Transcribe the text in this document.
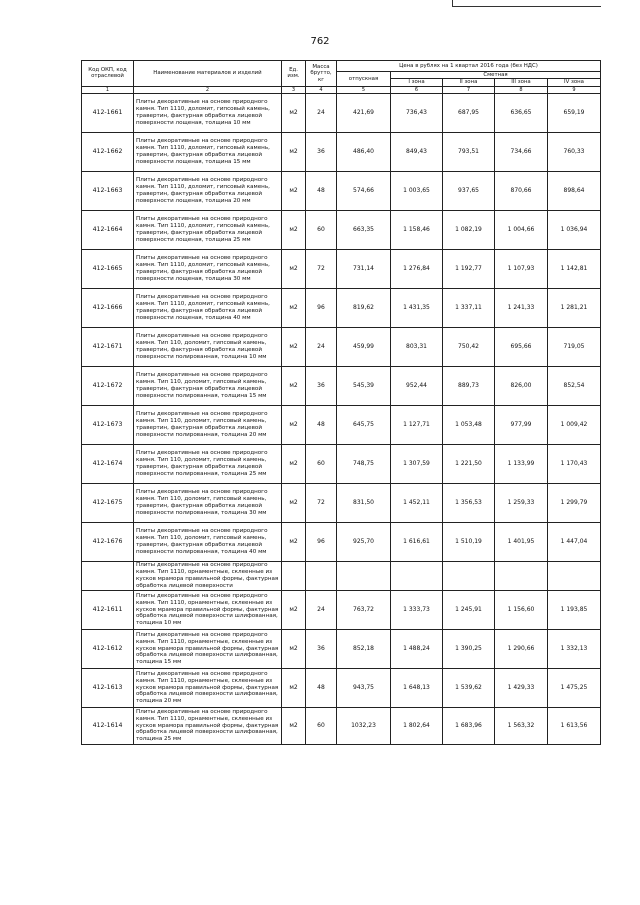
762
Код ОКП, код отраслевой	Наименование материалов и изделий	Ед. изм.	Масса брутто, кг	Цена в рублях на 1 квартал 2016 года (без НДС)				
				отпускная	Сметная			
					I зона	II зона	III зона	IV зона

1	2	3	4	5	6	7	8	9
412-1661	Плиты декоративные на основе природного камня. Тип 1110, доломит, гипсовый камень, травертин, фактурная обработка лицевой поверхности лощеная, толщина 10 мм	м2	24	421,69	736,43	687,95	636,65	659,19
412-1662	Плиты декоративные на основе природного камня. Тип 1110, доломит, гипсовый камень, травертин, фактурная обработка лицевой поверхности лощеная, толщина 15 мм	м2	36	486,40	849,43	793,51	734,66	760,33
412-1663	Плиты декоративные на основе природного камня. Тип 1110, доломит, гипсовый камень, травертин, фактурная обработка лицевой поверхности лощеная, толщина 20 мм	м2	48	574,66	1 003,65	937,65	870,66	898,64
412-1664	Плиты декоративные на основе природного камня. Тип 1110, доломит, гипсовый камень, травертин, фактурная обработка лицевой поверхности лощеная, толщина 25 мм	м2	60	663,35	1 158,46	1 082,19	1 004,66	1 036,94
412-1665	Плиты декоративные на основе природного камня. Тип 1110, доломит, гипсовый камень, травертин, фактурная обработка лицевой поверхности лощеная, толщина 30 мм	м2	72	731,14	1 276,84	1 192,77	1 107,93	1 142,81
412-1666	Плиты декоративные на основе природного камня. Тип 1110, доломит, гипсовый камень, травертин, фактурная обработка лицевой поверхности лощеная, толщина 40 мм	м2	96	819,62	1 431,35	1 337,11	1 241,33	1 281,21
412-1671	Плиты декоративные на основе природного камня. Тип 110, доломит, гипсовый камень, травертин, фактурная обработка лицевой поверхности полированная, толщина 10 мм	м2	24	459,99	803,31	750,42	695,66	719,05
412-1672	Плиты декоративные на основе природного камня. Тип 110, доломит, гипсовый камень, травертин, фактурная обработка лицевой поверхности полированная, толщина 15 мм	м2	36	545,39	952,44	889,73	826,00	852,54
412-1673	Плиты декоративные на основе природного камня. Тип 110, доломит, гипсовый камень, травертин, фактурная обработка лицевой поверхности полированная, толщина 20 мм	м2	48	645,75	1 127,71	1 053,48	977,99	1 009,42
412-1674	Плиты декоративные на основе природного камня. Тип 110, доломит, гипсовый камень, травертин, фактурная обработка лицевой поверхности полированная, толщина 25 мм	м2	60	748,75	1 307,59	1 221,50	1 133,99	1 170,43
412-1675	Плиты декоративные на основе природного камня. Тип 110, доломит, гипсовый камень, травертин, фактурная обработка лицевой поверхности полированная, толщина 30 мм	м2	72	831,50	1 452,11	1 356,53	1 259,33	1 299,79
412-1676	Плиты декоративные на основе природного камня. Тип 110, доломит, гипсовый камень, травертин, фактурная обработка лицевой поверхности полированная, толщина 40 мм	м2	96	925,70	1 616,61	1 510,19	1 401,95	1 447,04
	Плиты декоративные на основе природного камня. Тип 1110, орнаментные, склеенные из кусков мрамора правильной формы, фактурная обработка лицевой поверхности							
412-1611	Плиты декоративные на основе природного камня. Тип 1110, орнаментные, склеенные из кусков мрамора правильной формы, фактурная обработка лицевой поверхности шлифованная, толщина 10 мм	м2	24	763,72	1 333,73	1 245,91	1 156,60	1 193,85
412-1612	Плиты декоративные на основе природного камня. Тип 1110, орнаментные, склеенные из кусков мрамора правильной формы, фактурная обработка лицевой поверхности шлифованная, толщина 15 мм	м2	36	852,18	1 488,24	1 390,25	1 290,66	1 332,13
412-1613	Плиты декоративные на основе природного камня. Тип 1110, орнаментные, склеенные из кусков мрамора правильной формы, фактурная обработка лицевой поверхности шлифованная, толщина 20 мм	м2	48	943,75	1 648,13	1 539,62	1 429,33	1 475,25
412-1614	Плиты декоративные на основе природного камня. Тип 1110, орнаментные, склеенные из кусков мрамора правильной формы, фактурная обработка лицевой поверхности шлифованная, толщина 25 мм	м2	60	1032,23	1 802,64	1 683,96	1 563,32	1 613,56
